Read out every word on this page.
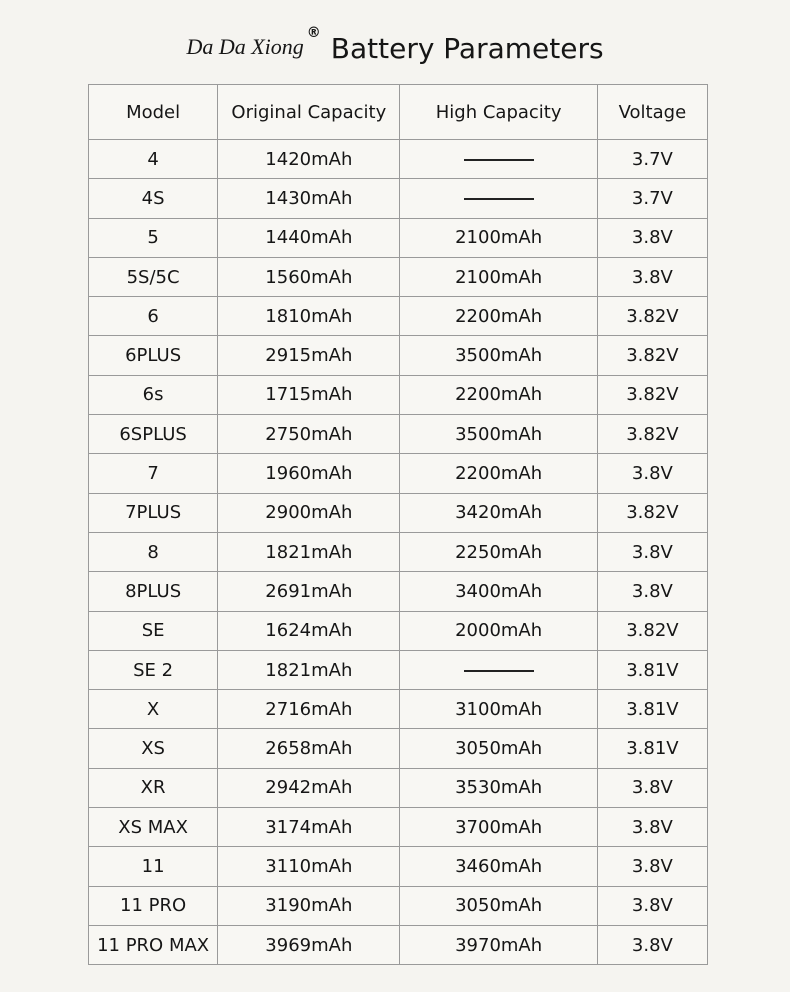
Da Da Xiong
® Battery Parameters
Model	Original Capacity	High Capacity	Voltage
4	1420mAh		3.7V
4S	1430mAh		3.7V
5	1440mAh	2100mAh	3.8V
5S/5C	1560mAh	2100mAh	3.8V
6	1810mAh	2200mAh	3.82V
6PLUS	2915mAh	3500mAh	3.82V
6s	1715mAh	2200mAh	3.82V
6SPLUS	2750mAh	3500mAh	3.82V
7	1960mAh	2200mAh	3.8V
7PLUS	2900mAh	3420mAh	3.82V
8	1821mAh	2250mAh	3.8V
8PLUS	2691mAh	3400mAh	3.8V
SE	1624mAh	2000mAh	3.82V
SE 2	1821mAh		3.81V
X	2716mAh	3100mAh	3.81V
XS	2658mAh	3050mAh	3.81V
XR	2942mAh	3530mAh	3.8V
XS MAX	3174mAh	3700mAh	3.8V
11	3110mAh	3460mAh	3.8V
11 PRO	3190mAh	3050mAh	3.8V
11 PRO MAX	3969mAh	3970mAh	3.8V
